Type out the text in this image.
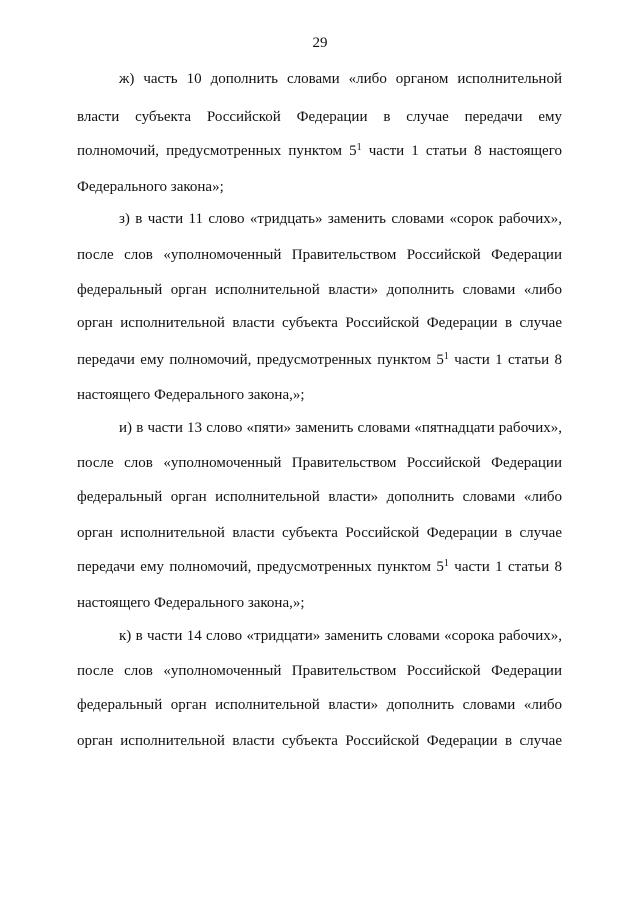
29
ж) часть 10 дополнить словами «либо органом исполнительной
власти субъекта Российской Федерации в случае передачи ему
полномочий, предусмотренных пунктом $5^1$ части 1 статьи 8 настоящего
Федерального закона»;
з) в части 11 слово «тридцать» заменить словами «сорок рабочих»,
после слов «уполномоченный Правительством Российской Федерации
федеральный орган исполнительной власти» дополнить словами «либо
орган исполнительной власти субъекта Российской Федерации в случае
передачи ему полномочий, предусмотренных пунктом $5^1$ части 1 статьи 8
настоящего Федерального закона,»;
и) в части 13 слово «пяти» заменить словами «пятнадцати рабочих»,
после слов «уполномоченный Правительством Российской Федерации
федеральный орган исполнительной власти» дополнить словами «либо
орган исполнительной власти субъекта Российской Федерации в случае
передачи ему полномочий, предусмотренных пунктом $5^1$ части 1 статьи 8
настоящего Федерального закона,»;
к) в части 14 слово «тридцати» заменить словами «сорока рабочих»,
после слов «уполномоченный Правительством Российской Федерации
федеральный орган исполнительной власти» дополнить словами «либо
орган исполнительной власти субъекта Российской Федерации в случае
